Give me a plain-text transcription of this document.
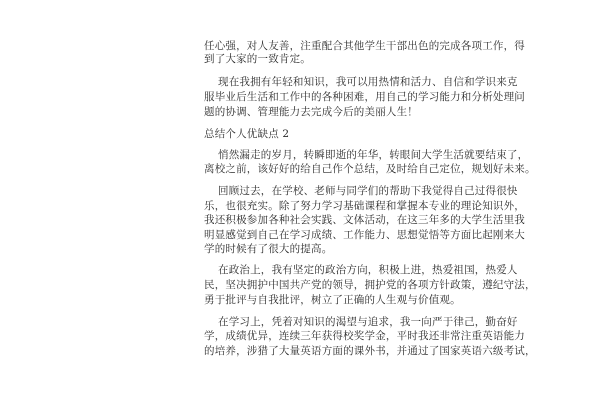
任心强，对人友善，注重配合其他学生干部出色的完成各项工作，得
到了大家的一致肯定。
现在我拥有年轻和知识，我可以用热情和活力、自信和学识来克
服毕业后生活和工作中的各种困难，用自己的学习能力和分析处理问
题的协调、管理能力去完成今后的美丽人生！
总结个人优缺点 2
悄然漏走的岁月，转瞬即逝的年华，转眼间大学生活就要结束了，
离校之前，该好好的给自己作个总结，及时给自己定位，规划好未来。
回顾过去，在学校、老师与同学们的帮助下我觉得自己过得很快
乐，也很充实。除了努力学习基础课程和掌握本专业的理论知识外，
我还积极参加各种社会实践、文体活动，在这三年多的大学生活里我
明显感觉到自己在学习成绩、工作能力、思想觉悟等方面比起刚来大
学的时候有了很大的提高。
在政治上，我有坚定的政治方向，积极上进，热爱祖国，热爱人
民，坚决拥护中国共产党的领导，拥护党的各项方针政策，遵纪守法，
勇于批评与自我批评，树立了正确的人生观与价值观。
在学习上，凭着对知识的渴望与追求，我一向严于律己，勤奋好
学，成绩优异，连续三年获得校奖学金，平时我还非常注重英语能力
的培养，涉猎了大量英语方面的课外书，并通过了国家英语六级考试，
